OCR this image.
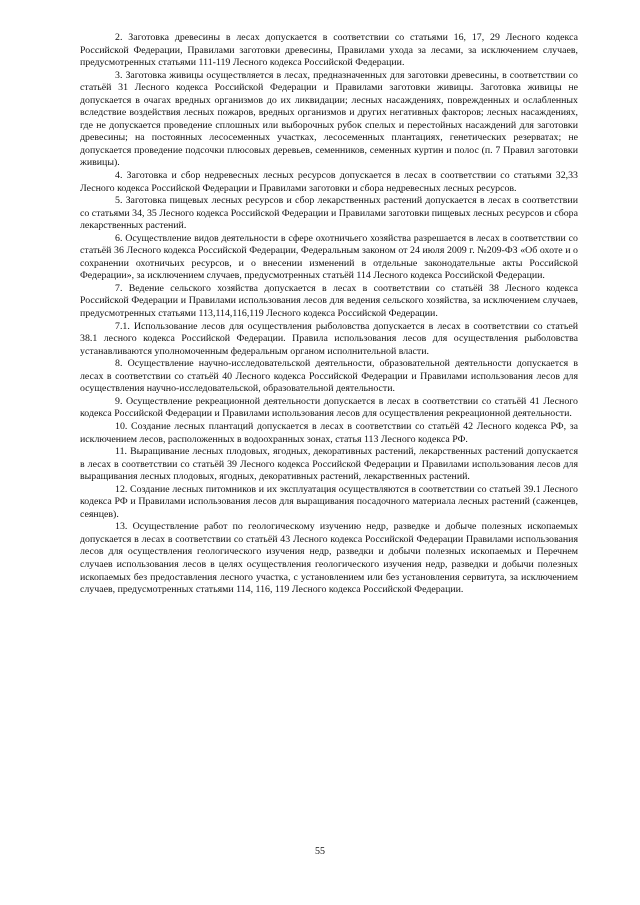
2. Заготовка древесины в лесах допускается в соответствии со статьями 16, 17, 29 Лесного кодекса Российской Федерации, Правилами заготовки древесины, Правилами ухода за лесами, за исключением случаев, предусмотренных статьями 111-119 Лесного кодекса Российской Федерации.

3. Заготовка живицы осуществляется в лесах, предназначенных для заготовки древесины, в соответствии со статьёй 31 Лесного кодекса Российской Федерации и Правилами заготовки живицы. Заготовка живицы не допускается в очагах вредных организмов до их ликвидации; лесных насаждениях, поврежденных и ослабленных вследствие воздействия лесных пожаров, вредных организмов и других негативных факторов; лесных насаждениях, где не допускается проведение сплошных или выборочных рубок спелых и перестойных насаждений для заготовки древесины; на постоянных лесосеменных участках, лесосеменных плантациях, генетических резерватах; не допускается проведение подсочки плюсовых деревьев, семенников, семенных куртин и полос (п. 7 Правил заготовки живицы).

4. Заготовка и сбор недревесных лесных ресурсов допускается в лесах в соответствии со статьями 32,33 Лесного кодекса Российской Федерации и Правилами заготовки и сбора недревесных лесных ресурсов.

5. Заготовка пищевых лесных ресурсов и сбор лекарственных растений допускается в лесах в соответствии со статьями 34, 35 Лесного кодекса Российской Федерации и Правилами заготовки пищевых лесных ресурсов и сбора лекарственных растений.

6. Осуществление видов деятельности в сфере охотничьего хозяйства разрешается в лесах в соответствии со статьёй 36 Лесного кодекса Российской Федерации, Федеральным законом от 24 июля 2009 г. №209-ФЗ «Об охоте и о сохранении охотничьих ресурсов, и о внесении изменений в отдельные законодательные акты Российской Федерации», за исключением случаев, предусмотренных статьёй 114 Лесного кодекса Российской Федерации.

7. Ведение сельского хозяйства допускается в лесах в соответствии со статьёй 38 Лесного кодекса Российской Федерации и Правилами использования лесов для ведения сельского хозяйства, за исключением случаев, предусмотренных статьями 113,114,116,119 Лесного кодекса Российской Федерации.

7.1. Использование лесов для осуществления рыболовства допускается в лесах в соответствии со статьей 38.1 лесного кодекса Российской Федерации. Правила использования лесов для осуществления рыболовства устанавливаются уполномоченным федеральным органом исполнительной власти.

8. Осуществление научно-исследовательской деятельности, образовательной деятельности допускается в лесах в соответствии со статьёй 40 Лесного кодекса Российской Федерации и Правилами использования лесов для осуществления научно-исследовательской, образовательной деятельности.

9. Осуществление рекреационной деятельности допускается в лесах в соответствии со статьёй 41 Лесного кодекса Российской Федерации и Правилами использования лесов для осуществления рекреационной деятельности.

10. Создание лесных плантаций допускается в лесах в соответствии со статьёй 42 Лесного кодекса РФ, за исключением лесов, расположенных в водоохранных зонах, статья 113 Лесного кодекса РФ.

11. Выращивание лесных плодовых, ягодных, декоративных растений, лекарственных растений допускается в лесах в соответствии со статьёй 39 Лесного кодекса Российской Федерации и Правилами использования лесов для выращивания лесных плодовых, ягодных, декоративных растений, лекарственных растений.

12. Создание лесных питомников и их эксплуатация осуществляются в соответствии со статьей 39.1 Лесного кодекса РФ и Правилами использования лесов для выращивания посадочного материала лесных растений (саженцев, сеянцев).

13. Осуществление работ по геологическому изучению недр, разведке и добыче полезных ископаемых допускается в лесах в соответствии со статьёй 43 Лесного кодекса Российской Федерации Правилами использования лесов для осуществления геологического изучения недр, разведки и добычи полезных ископаемых и Перечнем случаев использования лесов в целях осуществления геологического изучения недр, разведки и добычи полезных ископаемых без предоставления лесного участка, с установлением или без установления сервитута, за исключением случаев, предусмотренных статьями 114, 116, 119 Лесного кодекса Российской Федерации.

55
